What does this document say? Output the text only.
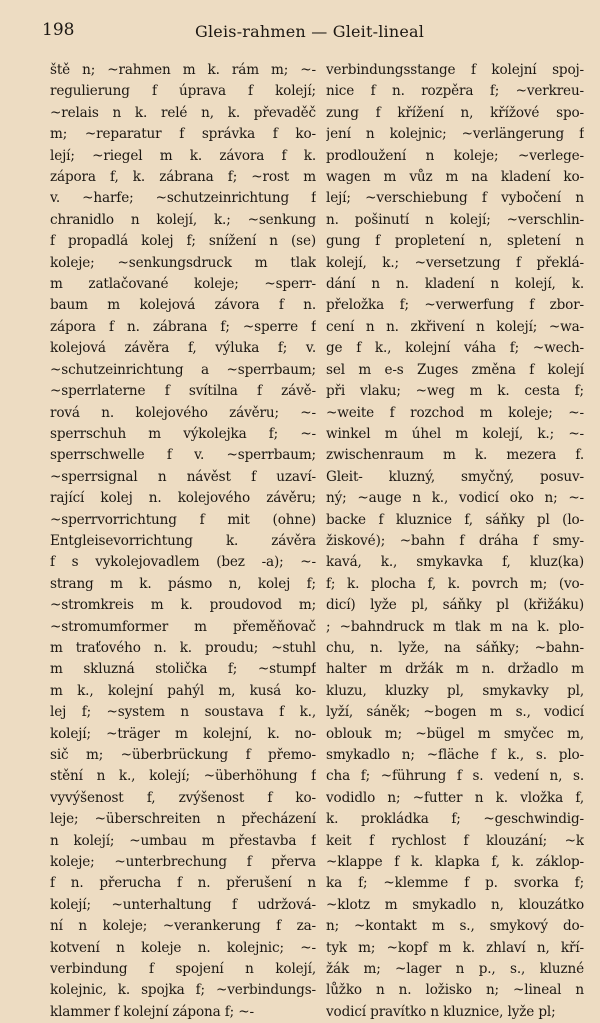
198	Gleis-rahmen — Gleit-lineal
ště n; ~rahmen m k. rám m; ~-
regulierung f úprava f kolejí;
~relais n k. relé n, k. převaděč
m; ~reparatur f správka f ko-
lejí; ~riegel m k. závora f k.
zápora f, k. zábrana f; ~rost m
v. ~harfe; ~schutzeinrichtung f
chranidlo n kolejí, k.; ~senkung
f propadlá kolej f; snížení n (se)
koleje; ~senkungsdruck m tlak
m zatlačované koleje; ~sperr-
baum m kolejová závora f n.
zápora f n. zábrana f; ~sperre f
kolejová závěra f, výluka f; v.
~schutzeinrichtung a ~sperrbaum;
~sperrlaterne f svítilna f závě-
rová n. kolejového závěru; ~-
sperrschuh m výkolejka f; ~-
sperrschwelle f v. ~sperrbaum;
~sperrsignal n návěst f uzaví-
rající kolej n. kolejového závěru;
~sperrvorrichtung f mit (ohne)
Entgleisevorrichtung k. závěra
f s vykolejovadlem (bez -a); ~-
strang m k. pásmo n, kolej f;
~stromkreis m k. proudovod m;
~stromumformer m přeměňovač
m traťového n. k. proudu; ~stuhl
m skluzná stolička f; ~stumpf
m k., kolejní pahýl m, kusá ko-
lej f; ~system n soustava f k.,
kolejí; ~träger m kolejní, k. no-
sič m; ~überbrückung f přemo-
stění n k., kolejí; ~überhöhung f
vyvýšenost f, zvýšenost f ko-
leje; ~überschreiten n přecházení
n kolejí; ~umbau m přestavba f
koleje; ~unterbrechung f přerva
f n. přerucha f n. přerušení n
kolejí; ~unterhaltung f udržová-
ní n koleje; ~verankerung f za-
kotvení n koleje n. kolejnic; ~-
verbindung f spojení n kolejí,
kolejnic, k. spojka f; ~verbindungs-
klammer f kolejní zápona f; ~-
verbindungsstange f kolejní spoj-
nice f n. rozpěra f; ~verkreu-
zung f křížení n, křížové spo-
jení n kolejnic; ~verlängerung f
prodloužení n koleje; ~verlege-
wagen m vůz m na kladení ko-
lejí; ~verschiebung f vybočení n
n. pošinutí n kolejí; ~verschlin-
gung f propletení n, spletení n
kolejí, k.; ~versetzung f překlá-
dání n n. kladení n kolejí, k.
přeložka f; ~verwerfung f zbor-
cení n n. zkřivení n kolejí; ~wa-
ge f k., kolejní váha f; ~wech-
sel m e-s Zuges změna f kolejí
při vlaku; ~weg m k. cesta f;
~weite f rozchod m koleje; ~-
winkel m úhel m kolejí, k.; ~-
zwischenraum m k. mezera f.
Gleit- kluzný, smyčný, posuv-
ný; ~auge n k., vodicí oko n; ~-
backe f kluznice f, sáňky pl (lo-
žiskové); ~bahn f dráha f smy-
kavá, k., smykavka f, kluz(ka)
f; k. plocha f, k. povrch m; (vo-
dicí) lyže pl, sáňky pl (křižáku)
; ~bahndruck m tlak m na k. plo-
chu, n. lyže, na sáňky; ~bahn-
halter m držák m n. držadlo m
kluzu, kluzky pl, smykavky pl,
lyží, sáněk; ~bogen m s., vodicí
oblouk m; ~bügel m smyčec m,
smykadlo n; ~fläche f k., s. plo-
cha f; ~führung f s. vedení n, s.
vodidlo n; ~futter n k. vložka f,
k. prokládka f; ~geschwindig-
keit f rychlost f klouzání; ~k
~klappe f k. klapka f, k. záklop-
ka f; ~klemme f p. svorka f;
~klotz m smykadlo n, klouzátko
n; ~kontakt m s., smykový do-
tyk m; ~kopf m k. zhlaví n, kří-
žák m; ~lager n p., s., kluzné
lůžko n n. ložisko n; ~lineal n
vodicí pravítko n kluznice, lyže pl;
